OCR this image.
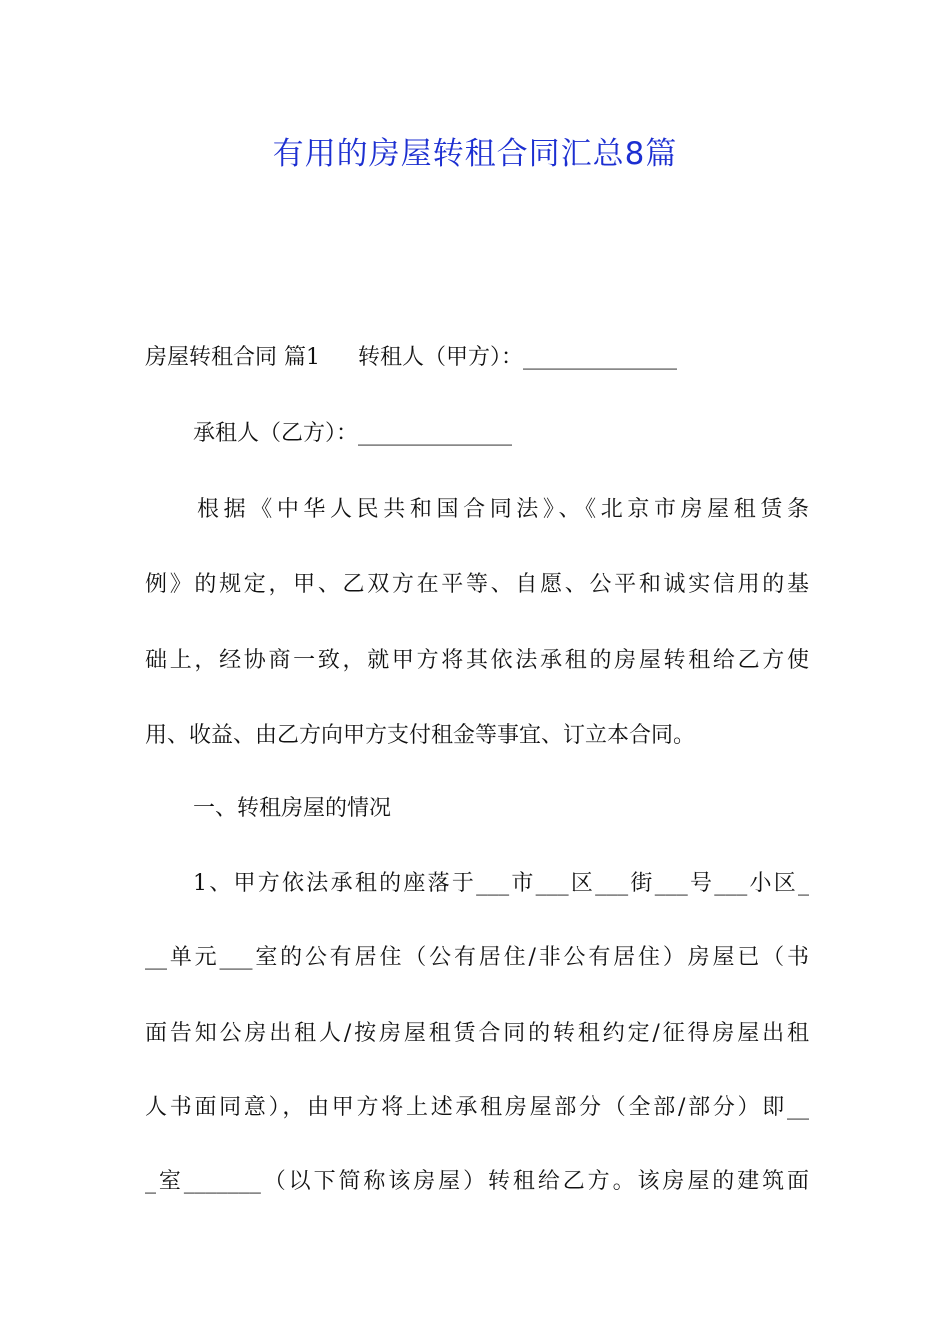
有用的房屋转租合同汇总8篇
房屋转租合同 篇1 转租人（甲方）：______________
承租人（乙方）：______________
根据《中华人民共和国合同法》、《北京市房屋租赁条
例》的规定，甲、乙双方在平等、自愿、公平和诚实信用的基
础上，经协商一致，就甲方将其依法承租的房屋转租给乙方使
用、收益、由乙方向甲方支付租金等事宜、订立本合同。
一、转租房屋的情况
1、甲方依法承租的座落于___市___区___街___号___小区_
__单元___室的公有居住（公有居住/非公有居住）房屋已（书
面告知公房出租人/按房屋租赁合同的转租约定/征得房屋出租
人书面同意），由甲方将上述承租房屋部分（全部/部分）即__
_室_______（以下简称该房屋）转租给乙方。该房屋的建筑面
